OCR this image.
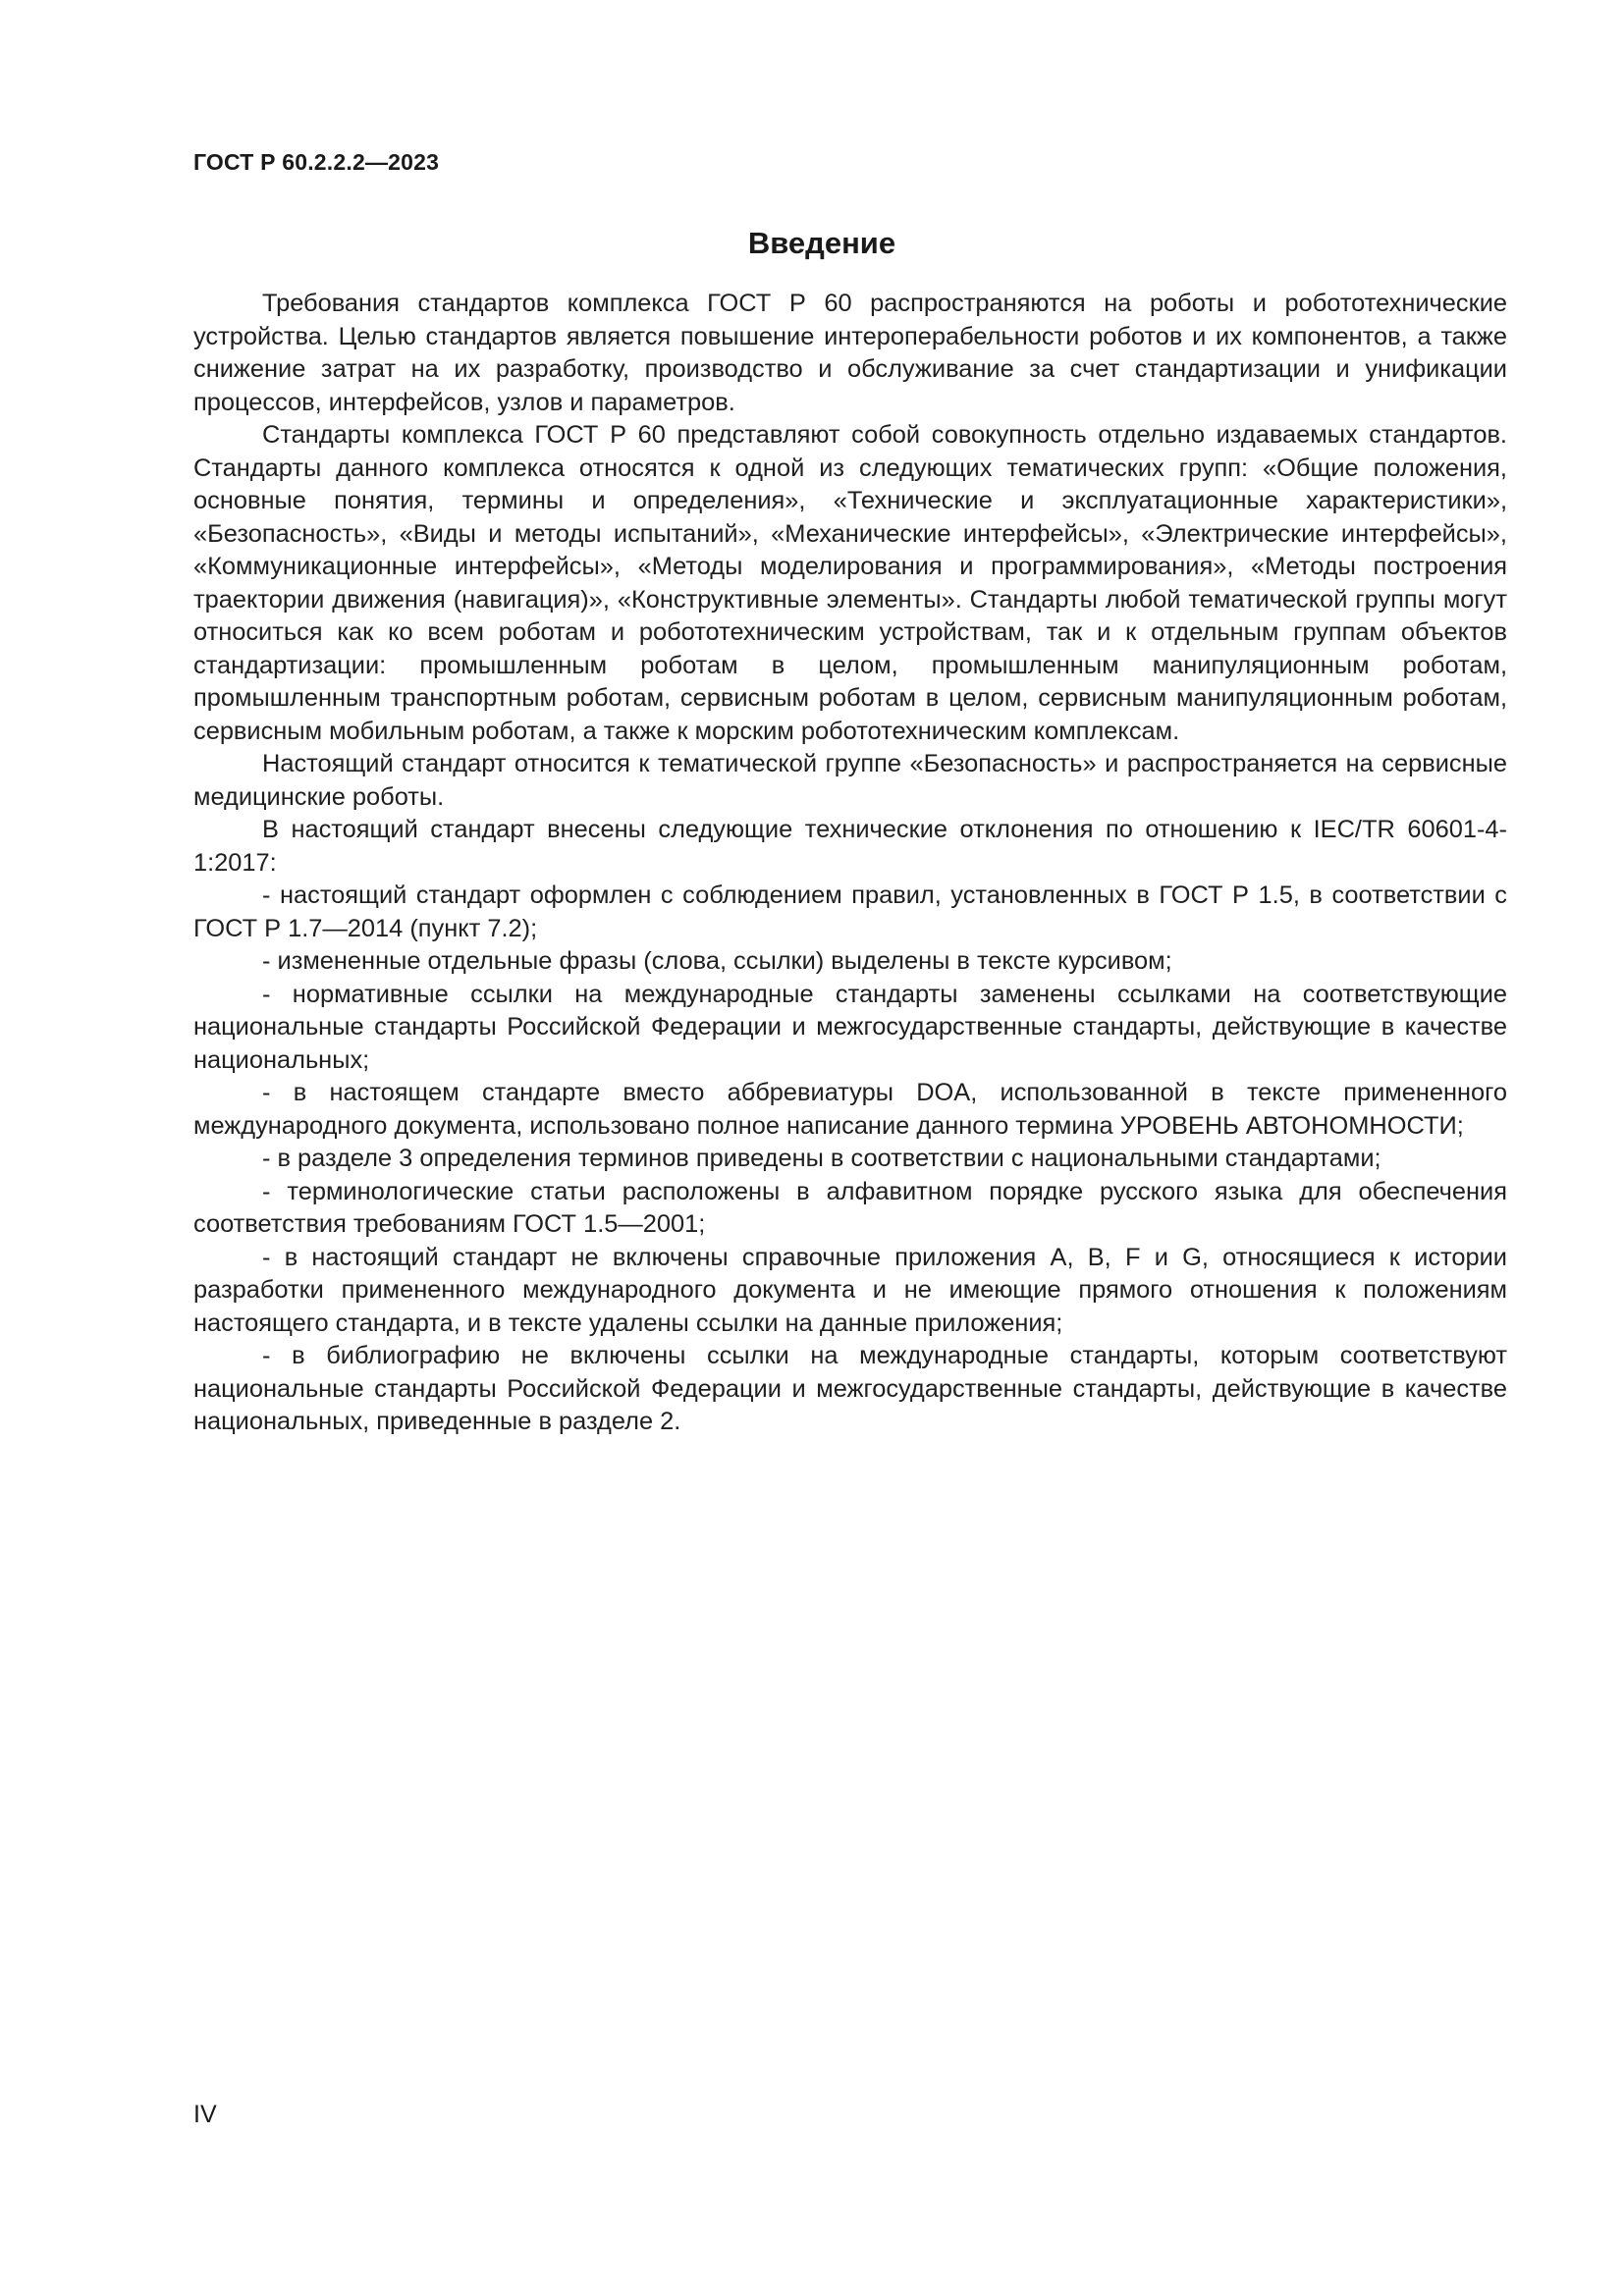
ГОСТ Р 60.2.2.2—2023
Введение

Требования стандартов комплекса ГОСТ Р 60 распространяются на роботы и робототехнические устройства. Целью стандартов является повышение интероперабельности роботов и их компонентов, а также снижение затрат на их разработку, производство и обслуживание за счет стандартизации и унификации процессов, интерфейсов, узлов и параметров.

Стандарты комплекса ГОСТ Р 60 представляют собой совокупность отдельно издаваемых стандартов. Стандарты данного комплекса относятся к одной из следующих тематических групп: «Общие положения, основные понятия, термины и определения», «Технические и эксплуатационные характеристики», «Безопасность», «Виды и методы испытаний», «Механические интерфейсы», «Электрические интерфейсы», «Коммуникационные интерфейсы», «Методы моделирования и программирования», «Методы построения траектории движения (навигация)», «Конструктивные элементы». Стандарты любой тематической группы могут относиться как ко всем роботам и робототехническим устройствам, так и к отдельным группам объектов стандартизации: промышленным роботам в целом, промышленным манипуляционным роботам, промышленным транспортным роботам, сервисным роботам в целом, сервисным манипуляционным роботам, сервисным мобильным роботам, а также к морским робототехническим комплексам.

Настоящий стандарт относится к тематической группе «Безопасность» и распространяется на сервисные медицинские роботы.

В настоящий стандарт внесены следующие технические отклонения по отношению к IEC/TR 60601-4-1:2017:

- настоящий стандарт оформлен с соблюдением правил, установленных в ГОСТ Р 1.5, в соответствии с ГОСТ Р 1.7—2014 (пункт 7.2);

- измененные отдельные фразы (слова, ссылки) выделены в тексте курсивом;

- нормативные ссылки на международные стандарты заменены ссылками на соответствующие национальные стандарты Российской Федерации и межгосударственные стандарты, действующие в качестве национальных;

- в настоящем стандарте вместо аббревиатуры DOA, использованной в тексте примененного международного документа, использовано полное написание данного термина УРОВЕНЬ АВТОНОМНОСТИ;

- в разделе 3 определения терминов приведены в соответствии с национальными стандартами;

- терминологические статьи расположены в алфавитном порядке русского языка для обеспечения соответствия требованиям ГОСТ 1.5—2001;

- в настоящий стандарт не включены справочные приложения А, В, F и G, относящиеся к истории разработки примененного международного документа и не имеющие прямого отношения к положениям настоящего стандарта, и в тексте удалены ссылки на данные приложения;

- в библиографию не включены ссылки на международные стандарты, которым соответствуют национальные стандарты Российской Федерации и межгосударственные стандарты, действующие в качестве национальных, приведенные в разделе 2.

IV
